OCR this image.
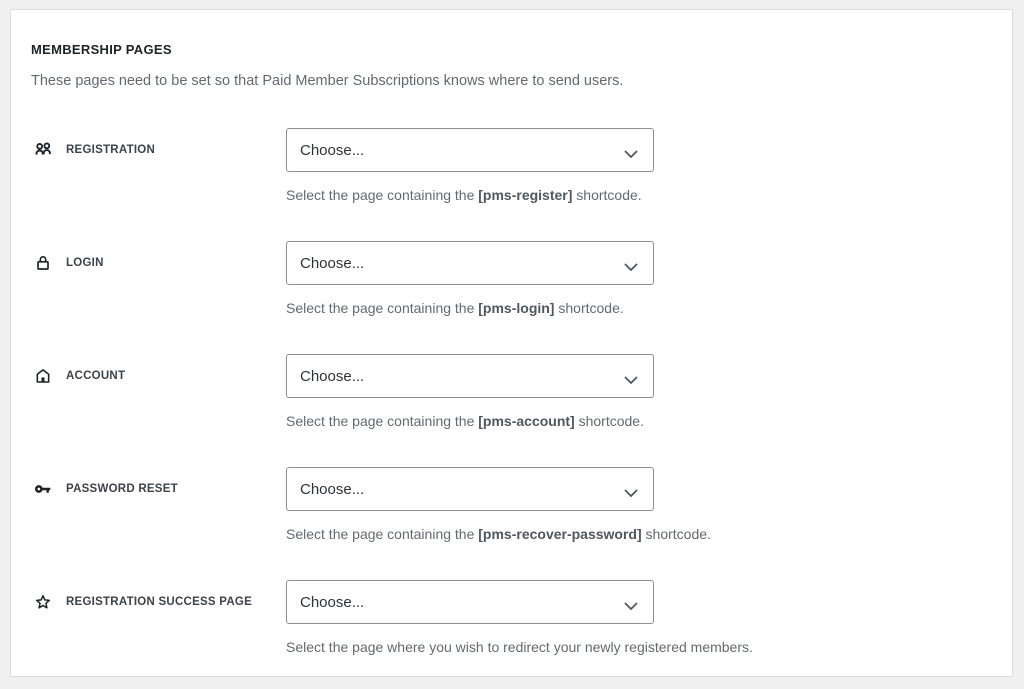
MEMBERSHIP PAGES
These pages need to be set so that Paid Member Subscriptions knows where to send users.
REGISTRATION	Choose...
Select the page containing the [pms-register] shortcode.
LOGIN	Choose...
Select the page containing the [pms-login] shortcode.
ACCOUNT	Choose...
Select the page containing the [pms-account] shortcode.
PASSWORD RESET	Choose...
Select the page containing the [pms-recover-password] shortcode.
REGISTRATION SUCCESS PAGE	Choose...
Select the page where you wish to redirect your newly registered members.
